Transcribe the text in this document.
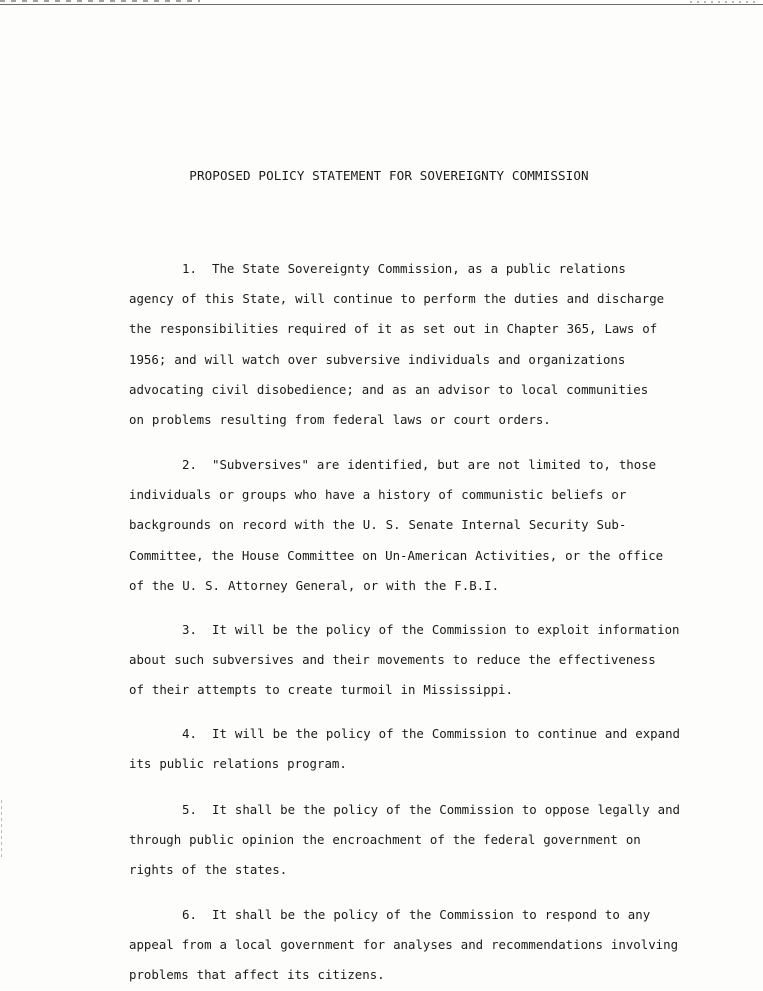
PROPOSED POLICY STATEMENT FOR SOVEREIGNTY COMMISSION
1. The State Sovereignty Commission, as a public relations
agency of this State, will continue to perform the duties and discharge
the responsibilities required of it as set out in Chapter 365, Laws of
1956; and will watch over subversive individuals and organizations
advocating civil disobedience; and as an advisor to local communities
on problems resulting from federal laws or court orders.
2. "Subversives" are identified, but are not limited to, those
individuals or groups who have a history of communistic beliefs or
backgrounds on record with the U. S. Senate Internal Security Sub-
Committee, the House Committee on Un-American Activities, or the office
of the U. S. Attorney General, or with the F.B.I.
3. It will be the policy of the Commission to exploit information
about such subversives and their movements to reduce the effectiveness
of their attempts to create turmoil in Mississippi.
4. It will be the policy of the Commission to continue and expand
its public relations program.
5. It shall be the policy of the Commission to oppose legally and
through public opinion the encroachment of the federal government on
rights of the states.
6. It shall be the policy of the Commission to respond to any
appeal from a local government for analyses and recommendations involving
problems that affect its citizens.
